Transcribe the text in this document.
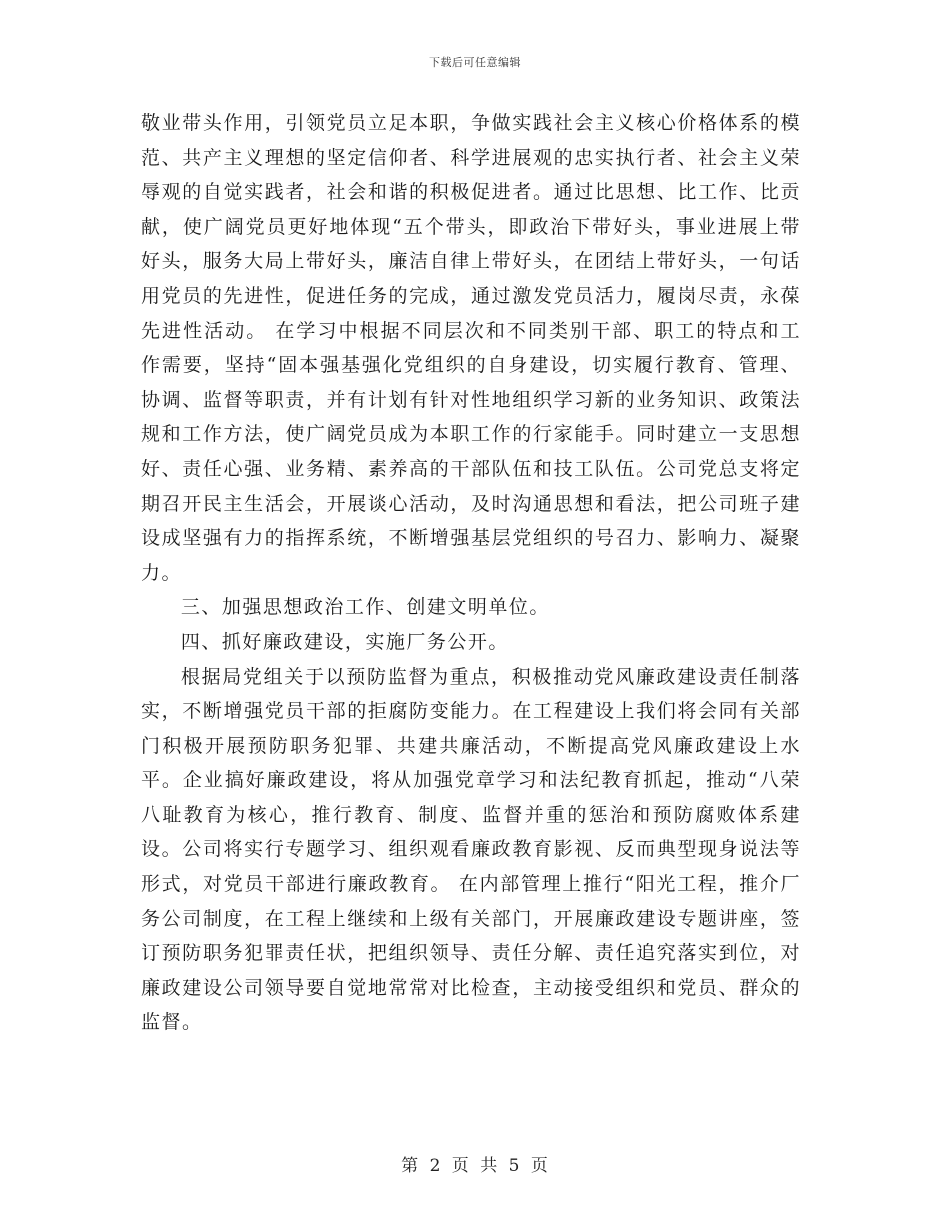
下载后可任意编辑

敬业带头作用，引领党员立足本职，争做实践社会主义核心价格体系的模范、共产主义理想的坚定信仰者、科学进展观的忠实执行者、社会主义荣辱观的自觉实践者，社会和谐的积极促进者。通过比思想、比工作、比贡献，使广阔党员更好地体现“五个带头，即政治下带好头，事业进展上带好头，服务大局上带好头，廉洁自律上带好头，在团结上带好头，一句话用党员的先进性，促进任务的完成，通过激发党员活力，履岗尽责，永葆先进性活动。 在学习中根据不同层次和不同类别干部、职工的特点和工作需要，坚持“固本强基强化党组织的自身建设，切实履行教育、管理、协调、监督等职责，并有计划有针对性地组织学习新的业务知识、政策法规和工作方法，使广阔党员成为本职工作的行家能手。同时建立一支思想好、责任心强、业务精、素养高的干部队伍和技工队伍。公司党总支将定期召开民主生活会，开展谈心活动，及时沟通思想和看法，把公司班子建设成坚强有力的指挥系统，不断增强基层党组织的号召力、影响力、凝聚力。

三、加强思想政治工作、创建文明单位。

四、抓好廉政建设，实施厂务公开。

根据局党组关于以预防监督为重点，积极推动党风廉政建设责任制落实，不断增强党员干部的拒腐防变能力。在工程建设上我们将会同有关部门积极开展预防职务犯罪、共建共廉活动，不断提高党风廉政建设上水平。企业搞好廉政建设，将从加强党章学习和法纪教育抓起，推动“八荣八耻教育为核心，推行教育、制度、监督并重的惩治和预防腐败体系建设。公司将实行专题学习、组织观看廉政教育影视、反而典型现身说法等形式，对党员干部进行廉政教育。 在内部管理上推行“阳光工程，推介厂务公司制度，在工程上继续和上级有关部门，开展廉政建设专题讲座，签订预防职务犯罪责任状，把组织领导、责任分解、责任追究落实到位，对廉政建设公司领导要自觉地常常对比检查，主动接受组织和党员、群众的监督。

第 2 页 共 5 页
